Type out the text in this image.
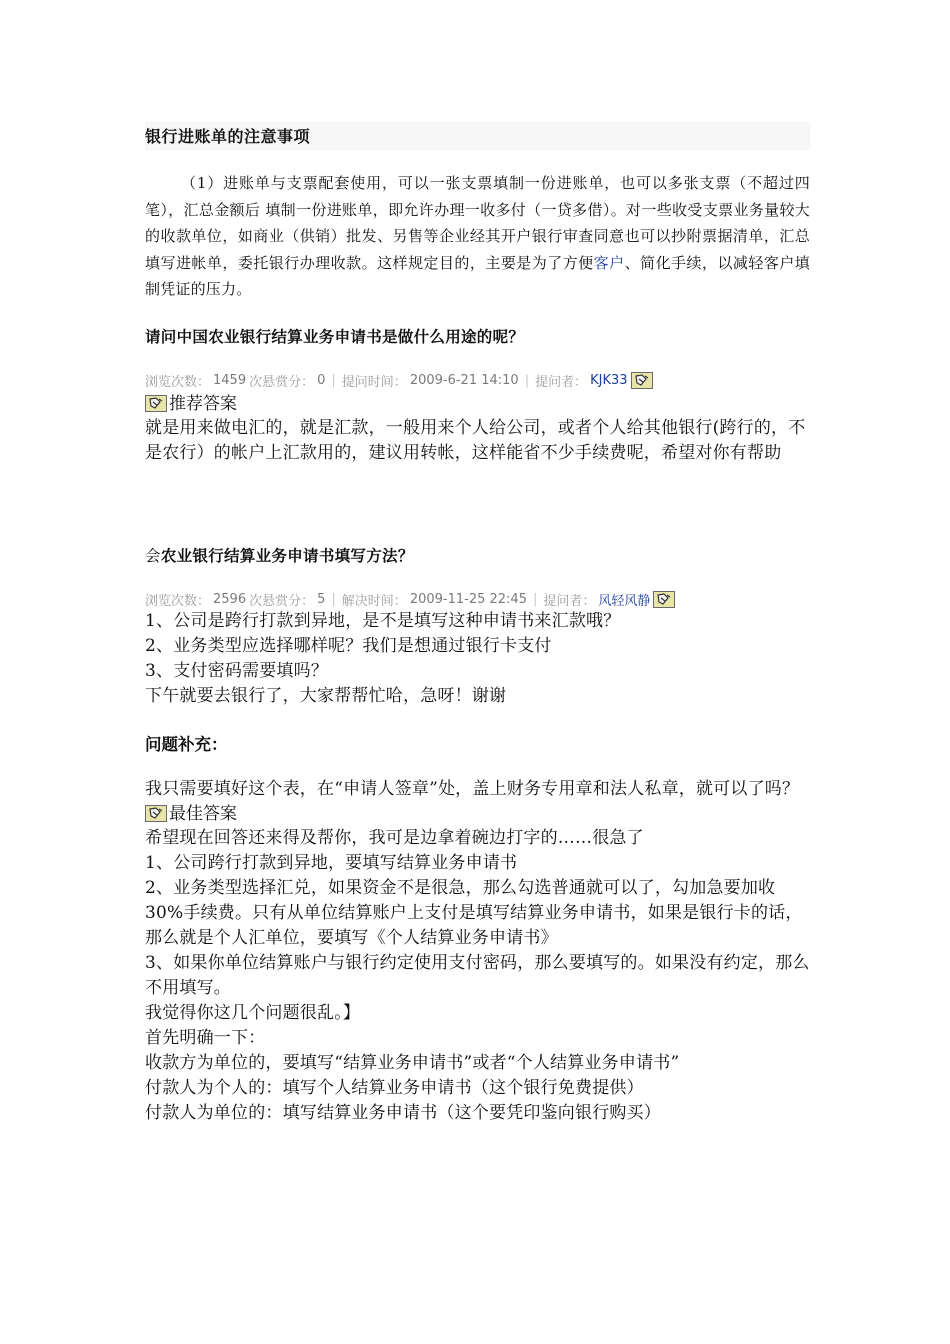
银行进账单的注意事项
（1）进账单与支票配套使用，可以一张支票填制一份进账单，也可以多张支票（不超过四笔），汇总金额后 填制一份进账单，即允许办理一收多付（一贷多借）。对一些收受支票业务量较大的收款单位，如商业（供销）批发、另售等企业经其开户银行审查同意也可以抄附票据清单，汇总填写进帐单，委托银行办理收款。这样规定目的，主要是为了方便客户、简化手续，以减轻客户填制凭证的压力。
请问中国农业银行结算业务申请书是做什么用途的呢？
浏览次数： 1459 次悬赏分： 0 | 提问时间： 2009-6-21 14:10 | 提问者： KJK33
推荐答案
就是用来做电汇的，就是汇款，一般用来个人给公司，或者个人给其他银行(跨行的，不是农行）的帐户上汇款用的，建议用转帐，这样能省不少手续费呢，希望对你有帮助
会农业银行结算业务申请书填写方法？
浏览次数： 2596 次悬赏分： 5 | 解决时间： 2009-11-25 22:45 | 提问者： 风轻风静
1、公司是跨行打款到异地，是不是填写这种申请书来汇款哦？
2、业务类型应选择哪样呢？我们是想通过银行卡支付
3、支付密码需要填吗？
下午就要去银行了，大家帮帮忙哈，急呀！谢谢
问题补充：
我只需要填好这个表，在“申请人签章”处，盖上财务专用章和法人私章，就可以了吗？
最佳答案
希望现在回答还来得及帮你，我可是边拿着碗边打字的……很急了
1、公司跨行打款到异地，要填写结算业务申请书
2、业务类型选择汇兑，如果资金不是很急，那么勾选普通就可以了，勾加急要加收30%手续费。只有从单位结算账户上支付是填写结算业务申请书，如果是银行卡的话，那么就是个人汇单位，要填写《个人结算业务申请书》
3、如果你单位结算账户与银行约定使用支付密码，那么要填写的。如果没有约定，那么不用填写。
我觉得你这几个问题很乱。】
首先明确一下：
收款方为单位的，要填写“结算业务申请书”或者“个人结算业务申请书”
付款人为个人的：填写个人结算业务申请书（这个银行免费提供）
付款人为单位的：填写结算业务申请书（这个要凭印鉴向银行购买）
